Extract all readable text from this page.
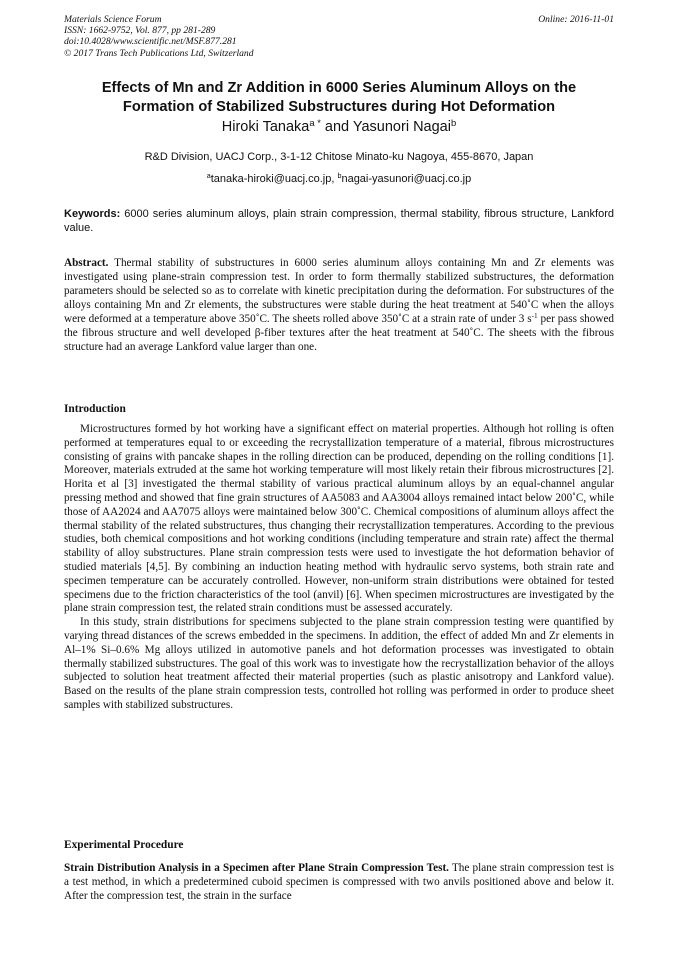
Materials Science Forum
ISSN: 1662-9752, Vol. 877, pp 281-289
doi:10.4028/www.scientific.net/MSF.877.281
© 2017 Trans Tech Publications Ltd, Switzerland
Online: 2016-11-01
Effects of Mn and Zr Addition in 6000 Series Aluminum Alloys on the
Formation of Stabilized Substructures during Hot Deformation
Hiroki Tanaka$^{a *}$ and Yasunori Nagai$^b$
R&D Division, UACJ Corp., 3-1-12 Chitose Minato-ku Nagoya, 455-8670, Japan
$^a$tanaka-hiroki@uacj.co.jp, $^b$nagai-yasunori@uacj.co.jp
Keywords: 6000 series aluminum alloys, plain strain compression, thermal stability, fibrous structure, Lankford value.
Abstract. Thermal stability of substructures in 6000 series aluminum alloys containing Mn and Zr elements was investigated using plane-strain compression test. In order to form thermally stabilized substructures, the deformation parameters should be selected so as to correlate with kinetic precipitation during the deformation. For substructures of the alloys containing Mn and Zr elements, the substructures were stable during the heat treatment at 540˚C when the alloys were deformed at a temperature above 350˚C. The sheets rolled above 350˚C at a strain rate of under 3 $s^{-1}$ per pass showed the fibrous structure and well developed β-fiber textures after the heat treatment at 540˚C. The sheets with the fibrous structure had an average Lankford value larger than one.
Introduction

Microstructures formed by hot working have a significant effect on material properties. Although hot rolling is often performed at temperatures equal to or exceeding the recrystallization temperature of a material, fibrous microstructures consisting of grains with pancake shapes in the rolling direction can be produced, depending on the rolling conditions [1]. Moreover, materials extruded at the same hot working temperature will most likely retain their fibrous microstructures [2]. Horita et al [3] investigated the thermal stability of various practical aluminum alloys by an equal-channel angular pressing method and showed that fine grain structures of AA5083 and AA3004 alloys remained intact below 200˚C, while those of AA2024 and AA7075 alloys were maintained below 300˚C. Chemical compositions of aluminum alloys affect the thermal stability of the related substructures, thus changing their recrystallization temperatures. According to the previous studies, both chemical compositions and hot working conditions (including temperature and strain rate) affect the thermal stability of alloy substructures. Plane strain compression tests were used to investigate the hot deformation behavior of studied materials [4,5]. By combining an induction heating method with hydraulic servo systems, both strain rate and specimen temperature can be accurately controlled. However, non-uniform strain distributions were obtained for tested specimens due to the friction characteristics of the tool (anvil) [6]. When specimen microstructures are investigated by the plane strain compression test, the related strain conditions must be assessed accurately.

In this study, strain distributions for specimens subjected to the plane strain compression testing were quantified by varying thread distances of the screws embedded in the specimens. In addition, the effect of added Mn and Zr elements in Al–1% Si–0.6% Mg alloys utilized in automotive panels and hot deformation processes was investigated to obtain thermally stabilized substructures. The goal of this work was to investigate how the recrystallization behavior of the alloys subjected to solution heat treatment affected their material properties (such as plastic anisotropy and Lankford value). Based on the results of the plane strain compression tests, controlled hot rolling was performed in order to produce sheet samples with stabilized substructures.

Experimental Procedure
Strain Distribution Analysis in a Specimen after Plane Strain Compression Test. The plane strain compression test is a test method, in which a predetermined cuboid specimen is compressed with two anvils positioned above and below it. After the compression test, the strain in the surface
